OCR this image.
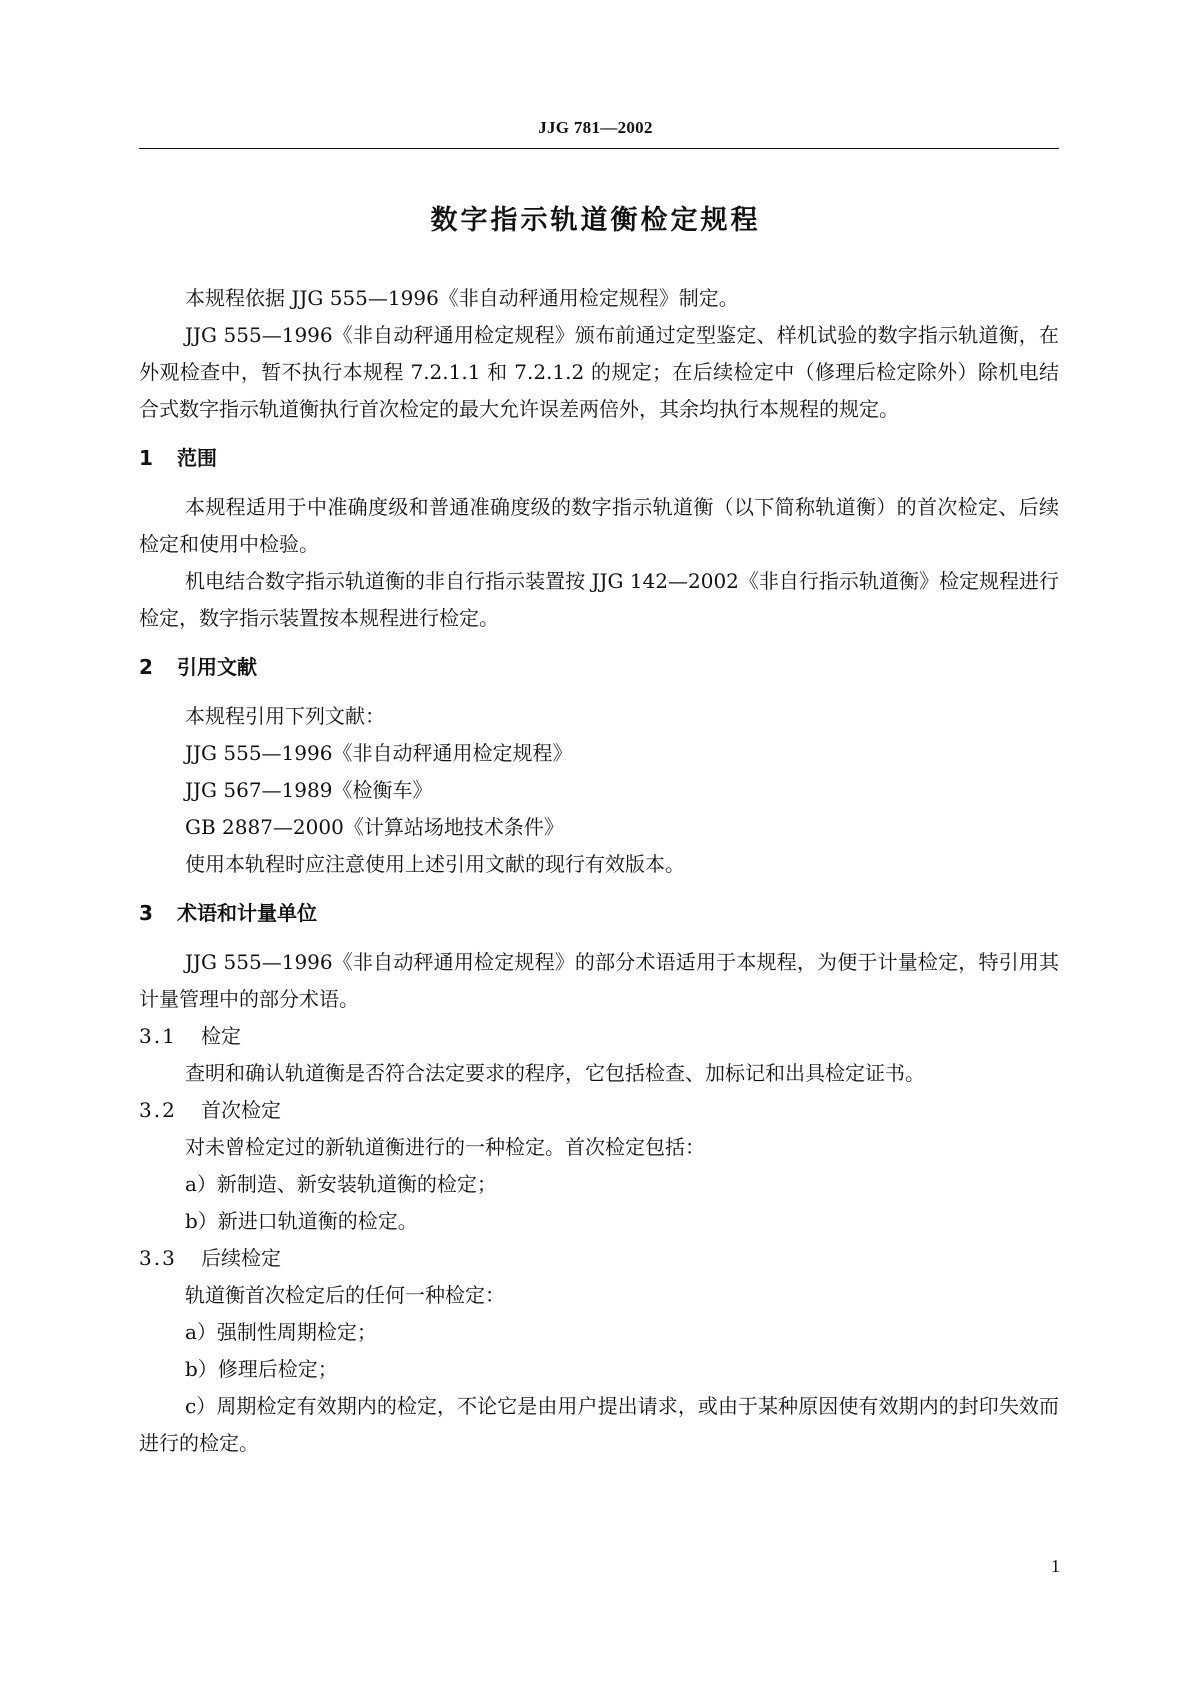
JJG 781—2002
数字指示轨道衡检定规程

本规程依据 JJG 555—1996《非自动秤通用检定规程》制定。

JJG 555—1996《非自动秤通用检定规程》颁布前通过定型鉴定、样机试验的数字指示轨道衡，在外观检查中，暂不执行本规程 7.2.1.1 和 7.2.1.2 的规定；在后续检定中（修理后检定除外）除机电结合式数字指示轨道衡执行首次检定的最大允许误差两倍外，其余均执行本规程的规定。

1 范围

本规程适用于中准确度级和普通准确度级的数字指示轨道衡（以下简称轨道衡）的首次检定、后续检定和使用中检验。

机电结合数字指示轨道衡的非自行指示装置按 JJG 142—2002《非自行指示轨道衡》检定规程进行检定，数字指示装置按本规程进行检定。

2 引用文献

本规程引用下列文献：

JJG 555—1996《非自动秤通用检定规程》

JJG 567—1989《检衡车》

GB 2887—2000《计算站场地技术条件》

使用本轨程时应注意使用上述引用文献的现行有效版本。

3 术语和计量单位

JJG 555—1996《非自动秤通用检定规程》的部分术语适用于本规程，为便于计量检定，特引用其计量管理中的部分术语。

3.1 检定

查明和确认轨道衡是否符合法定要求的程序，它包括检查、加标记和出具检定证书。

3.2 首次检定

对未曾检定过的新轨道衡进行的一种检定。首次检定包括：

a）新制造、新安装轨道衡的检定；

b）新进口轨道衡的检定。

3.3 后续检定

轨道衡首次检定后的任何一种检定：

a）强制性周期检定；

b）修理后检定；

c）周期检定有效期内的检定，不论它是由用户提出请求，或由于某种原因使有效期内的封印失效而进行的检定。

1
